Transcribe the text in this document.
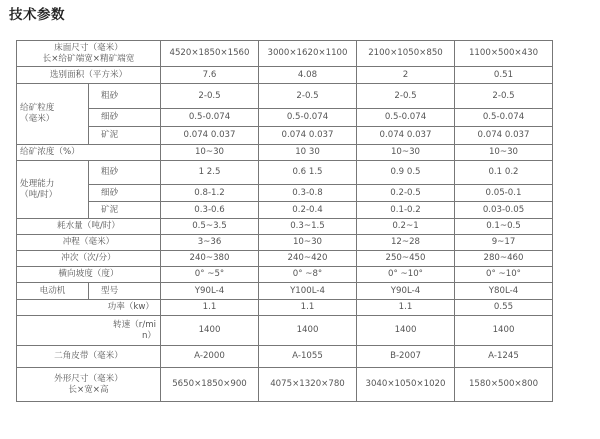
技术参数
床面尺寸（毫米）
长×给矿端宽×精矿端宽		4520×1850×1560	3000×1620×1100	2100×1050×850	1100×500×430
选别面积（平方米）		7.6	4.08	2	0.51

给矿粒度
（毫米）	粗砂	2-0.5	2-0.5	2-0.5	2-0.5
	细砂	0.5-0.074	0.5-0.074	0.5-0.074	0.5-0.074
	矿泥	0.074 0.037	0.074 0.037	0.074 0.037	0.074 0.037
给矿浓度（%）		10~30	10 30	10~30	10~30

处理能力
（吨/时）	粗砂	1 2.5	0.6 1.5	0.9 0.5	0.1 0.2
	细砂	0.8-1.2	0.3-0.8	0.2-0.5	0.05-0.1
	矿泥	0.3-0.6	0.2-0.4	0.1-0.2	0.03-0.05
耗水量（吨/时）		0.5~3.5	0.3~1.5	0.2~1	0.1~0.5
冲程（毫米）		3~36	10~30	12~28	9~17
冲次（次/分）		240~380	240~420	250~450	280~460
横向坡度（度）		0° ~5°	0° ~8°	0° ~10°	0° ~10°
电动机	型号	Y90L-4	Y100L-4	Y90L-4	Y80L-4
功率（kw）		1.1	1.1	1.1	0.55

转速（r/mi
n）		1400	1400	1400	1400
二角皮带（毫米）		A-2000	A-1055	B-2007	A-1245

外形尺寸（毫米）
长×宽×高		5650×1850×900	4075×1320×780	3040×1050×1020	1580×500×800
